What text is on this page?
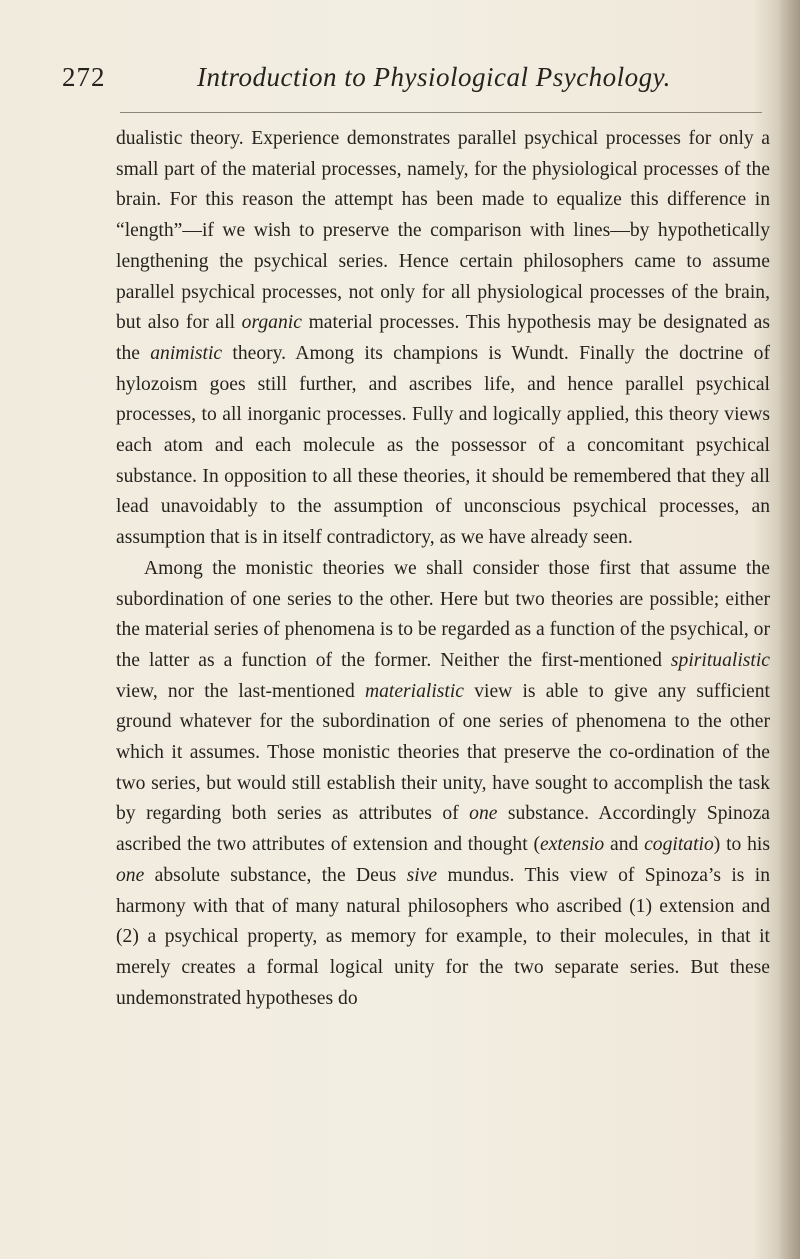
272	Introduction to Physiological Psychology.

dualistic theory. Experience demonstrates parallel psychical processes for only a small part of the material processes, namely, for the physiological processes of the brain. For this reason the attempt has been made to equalize this difference in “length”—if we wish to preserve the comparison with lines—by hypothetically lengthening the psychical series. Hence certain philosophers came to assume parallel psychical processes, not only for all physiological processes of the brain, but also for all organic material processes. This hypothesis may be designated as the animistic theory. Among its champions is Wundt. Finally the doctrine of hylozoism goes still further, and ascribes life, and hence parallel psychical processes, to all inorganic processes. Fully and logically applied, this theory views each atom and each molecule as the possessor of a concomitant psychical substance. In opposition to all these theories, it should be remembered that they all lead unavoidably to the assumption of unconscious psychical processes, an assumption that is in itself contradictory, as we have already seen.

Among the monistic theories we shall consider those first that assume the subordination of one series to the other. Here but two theories are possible; either the material series of phenomena is to be regarded as a function of the psychical, or the latter as a function of the former. Neither the first-mentioned spiritualistic view, nor the last-mentioned materialistic view is able to give any sufficient ground whatever for the subordination of one series of phenomena to the other which it assumes. Those monistic theories that preserve the co-ordination of the two series, but would still establish their unity, have sought to accomplish the task by regarding both series as attributes of one substance. Accordingly Spinoza ascribed the two attributes of extension and thought (extensio and cogitatio) to his one absolute substance, the Deus sive mundus. This view of Spinoza’s is in harmony with that of many natural philosophers who ascribed (1) extension and (2) a psychical property, as memory for example, to their molecules, in that it merely creates a formal logical unity for the two separate series. But these undemonstrated hypotheses do
